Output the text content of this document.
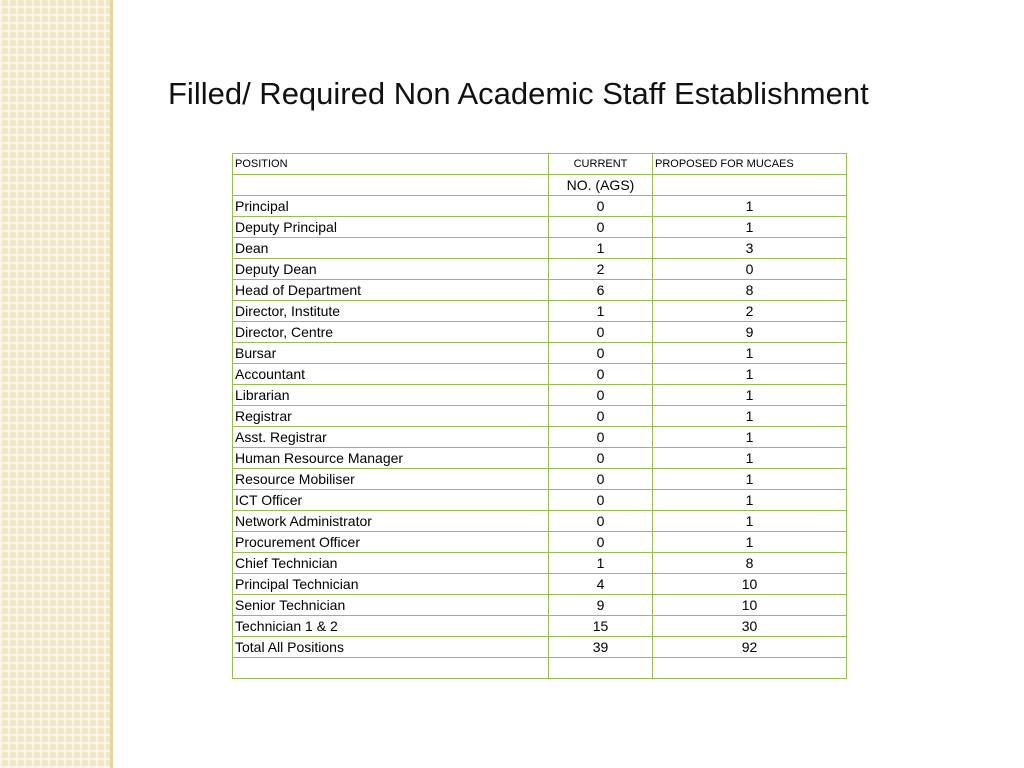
Filled/ Required Non Academic Staff Establishment
POSITION	CURRENT	PROPOSED FOR MUCAES
	NO. (AGS)	
Principal	0	1
Deputy Principal	0	1
Dean	1	3
Deputy Dean	2	0
Head of Department	6	8
Director, Institute	1	2
Director, Centre	0	9
Bursar	0	1
Accountant	0	1
Librarian	0	1
Registrar	0	1
Asst. Registrar	0	1
Human Resource Manager	0	1
Resource Mobiliser	0	1
ICT Officer	0	1
Network Administrator	0	1
Procurement Officer	0	1
Chief Technician	1	8
Principal Technician	4	10
Senior Technician	9	10
Technician 1 & 2	15	30
Total All Positions	39	92
